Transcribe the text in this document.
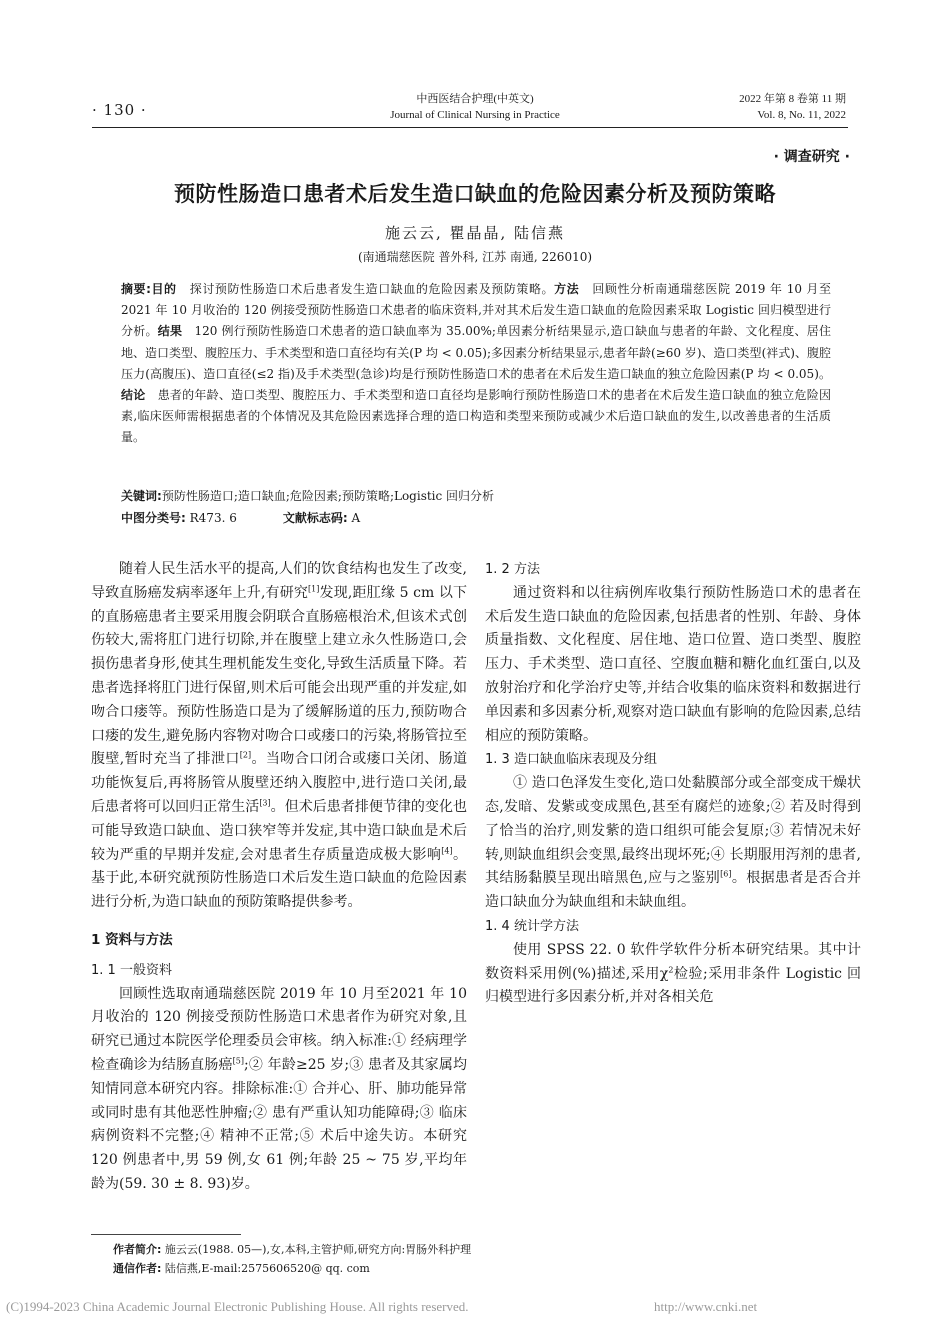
· 130 ·
中西医结合护理(中英文)
Journal of Clinical Nursing in Practice
2022 年第 8 卷第 11 期
Vol. 8, No. 11, 2022
· 调查研究 ·
预防性肠造口患者术后发生造口缺血的危险因素分析及预防策略
施云云, 瞿晶晶, 陆信燕
(南通瑞慈医院 普外科, 江苏 南通, 226010)
摘要:目的 探讨预防性肠造口术后患者发生造口缺血的危险因素及预防策略。方法 回顾性分析南通瑞慈医院 2019 年 10 月至 2021 年 10 月收治的 120 例接受预防性肠造口术患者的临床资料,并对其术后发生造口缺血的危险因素采取 Logistic 回归模型进行分析。结果 120 例行预防性肠造口术患者的造口缺血率为 35.00%;单因素分析结果显示,造口缺血与患者的年龄、文化程度、居住地、造口类型、腹腔压力、手术类型和造口直径均有关(P 均 < 0.05);多因素分析结果显示,患者年龄(≥60 岁)、造口类型(袢式)、腹腔压力(高腹压)、造口直径(≤2 指)及手术类型(急诊)均是行预防性肠造口术的患者在术后发生造口缺血的独立危险因素(P 均 < 0.05)。结论 患者的年龄、造口类型、腹腔压力、手术类型和造口直径均是影响行预防性肠造口术的患者在术后发生造口缺血的独立危险因素,临床医师需根据患者的个体情况及其危险因素选择合理的造口构造和类型来预防或减少术后造口缺血的发生,以改善患者的生活质量。
关键词:预防性肠造口;造口缺血;危险因素;预防策略;Logistic 回归分析
中图分类号: R473. 6	文献标志码: A

随着人民生活水平的提高,人们的饮食结构也发生了改变,导致直肠癌发病率逐年上升,有研究[1]发现,距肛缘 5 cm 以下的直肠癌患者主要采用腹会阴联合直肠癌根治术,但该术式创伤较大,需将肛门进行切除,并在腹壁上建立永久性肠造口,会损伤患者身形,使其生理机能发生变化,导致生活质量下降。若患者选择将肛门进行保留,则术后可能会出现严重的并发症,如吻合口瘘等。预防性肠造口是为了缓解肠道的压力,预防吻合口瘘的发生,避免肠内容物对吻合口或瘘口的污染,将肠管拉至腹壁,暂时充当了排泄口[2]。当吻合口闭合或瘘口关闭、肠道功能恢复后,再将肠管从腹壁还纳入腹腔中,进行造口关闭,最后患者将可以回归正常生活[3]。但术后患者排便节律的变化也可能导致造口缺血、造口狭窄等并发症,其中造口缺血是术后较为严重的早期并发症,会对患者生存质量造成极大影响[4]。基于此,本研究就预防性肠造口术后发生造口缺血的危险因素进行分析,为造口缺血的预防策略提供参考。

1 资料与方法
1. 1 一般资料

回顾性选取南通瑞慈医院 2019 年 10 月至2021 年 10 月收治的 120 例接受预防性肠造口术患者作为研究对象,且研究已通过本院医学伦理委员会审核。纳入标准:① 经病理学检查确诊为结肠直肠癌[5];② 年龄≥25 岁;③ 患者及其家属均知情同意本研究内容。排除标准:① 合并心、肝、肺功能异常或同时患有其他恶性肿瘤;② 患有严重认知功能障碍;③ 临床病例资料不完整;④ 精神不正常;⑤ 术后中途失访。本研究 120 例患者中,男 59 例,女 61 例;年龄 25 ~ 75 岁,平均年龄为(59. 30 ± 8. 93)岁。

1. 2 方法

通过资料和以往病例库收集行预防性肠造口术的患者在术后发生造口缺血的危险因素,包括患者的性别、年龄、身体质量指数、文化程度、居住地、造口位置、造口类型、腹腔压力、手术类型、造口直径、空腹血糖和糖化血红蛋白,以及放射治疗和化学治疗史等,并结合收集的临床资料和数据进行单因素和多因素分析,观察对造口缺血有影响的危险因素,总结相应的预防策略。

1. 3 造口缺血临床表现及分组

① 造口色泽发生变化,造口处黏膜部分或全部变成干燥状态,发暗、发紫或变成黑色,甚至有腐烂的迹象;② 若及时得到了恰当的治疗,则发紫的造口组织可能会复原;③ 若情况未好转,则缺血组织会变黑,最终出现坏死;④ 长期服用泻剂的患者,其结肠黏膜呈现出暗黑色,应与之鉴别[6]。根据患者是否合并造口缺血分为缺血组和未缺血组。

1. 4 统计学方法

使用 SPSS 22. 0 软件学软件分析本研究结果。其中计数资料采用例(%)描述,采用$\chi^2$检验;采用非条件 Logistic 回归模型进行多因素分析,并对各相关危

作者简介: 施云云(1988. 05—),女,本科,主管护师,研究方向:胃肠外科护理
通信作者: 陆信燕,E-mail:2575606520@ qq. com
(C)1994-2023 China Academic Journal Electronic Publishing House. All rights reserved.	http://www.cnki.net
